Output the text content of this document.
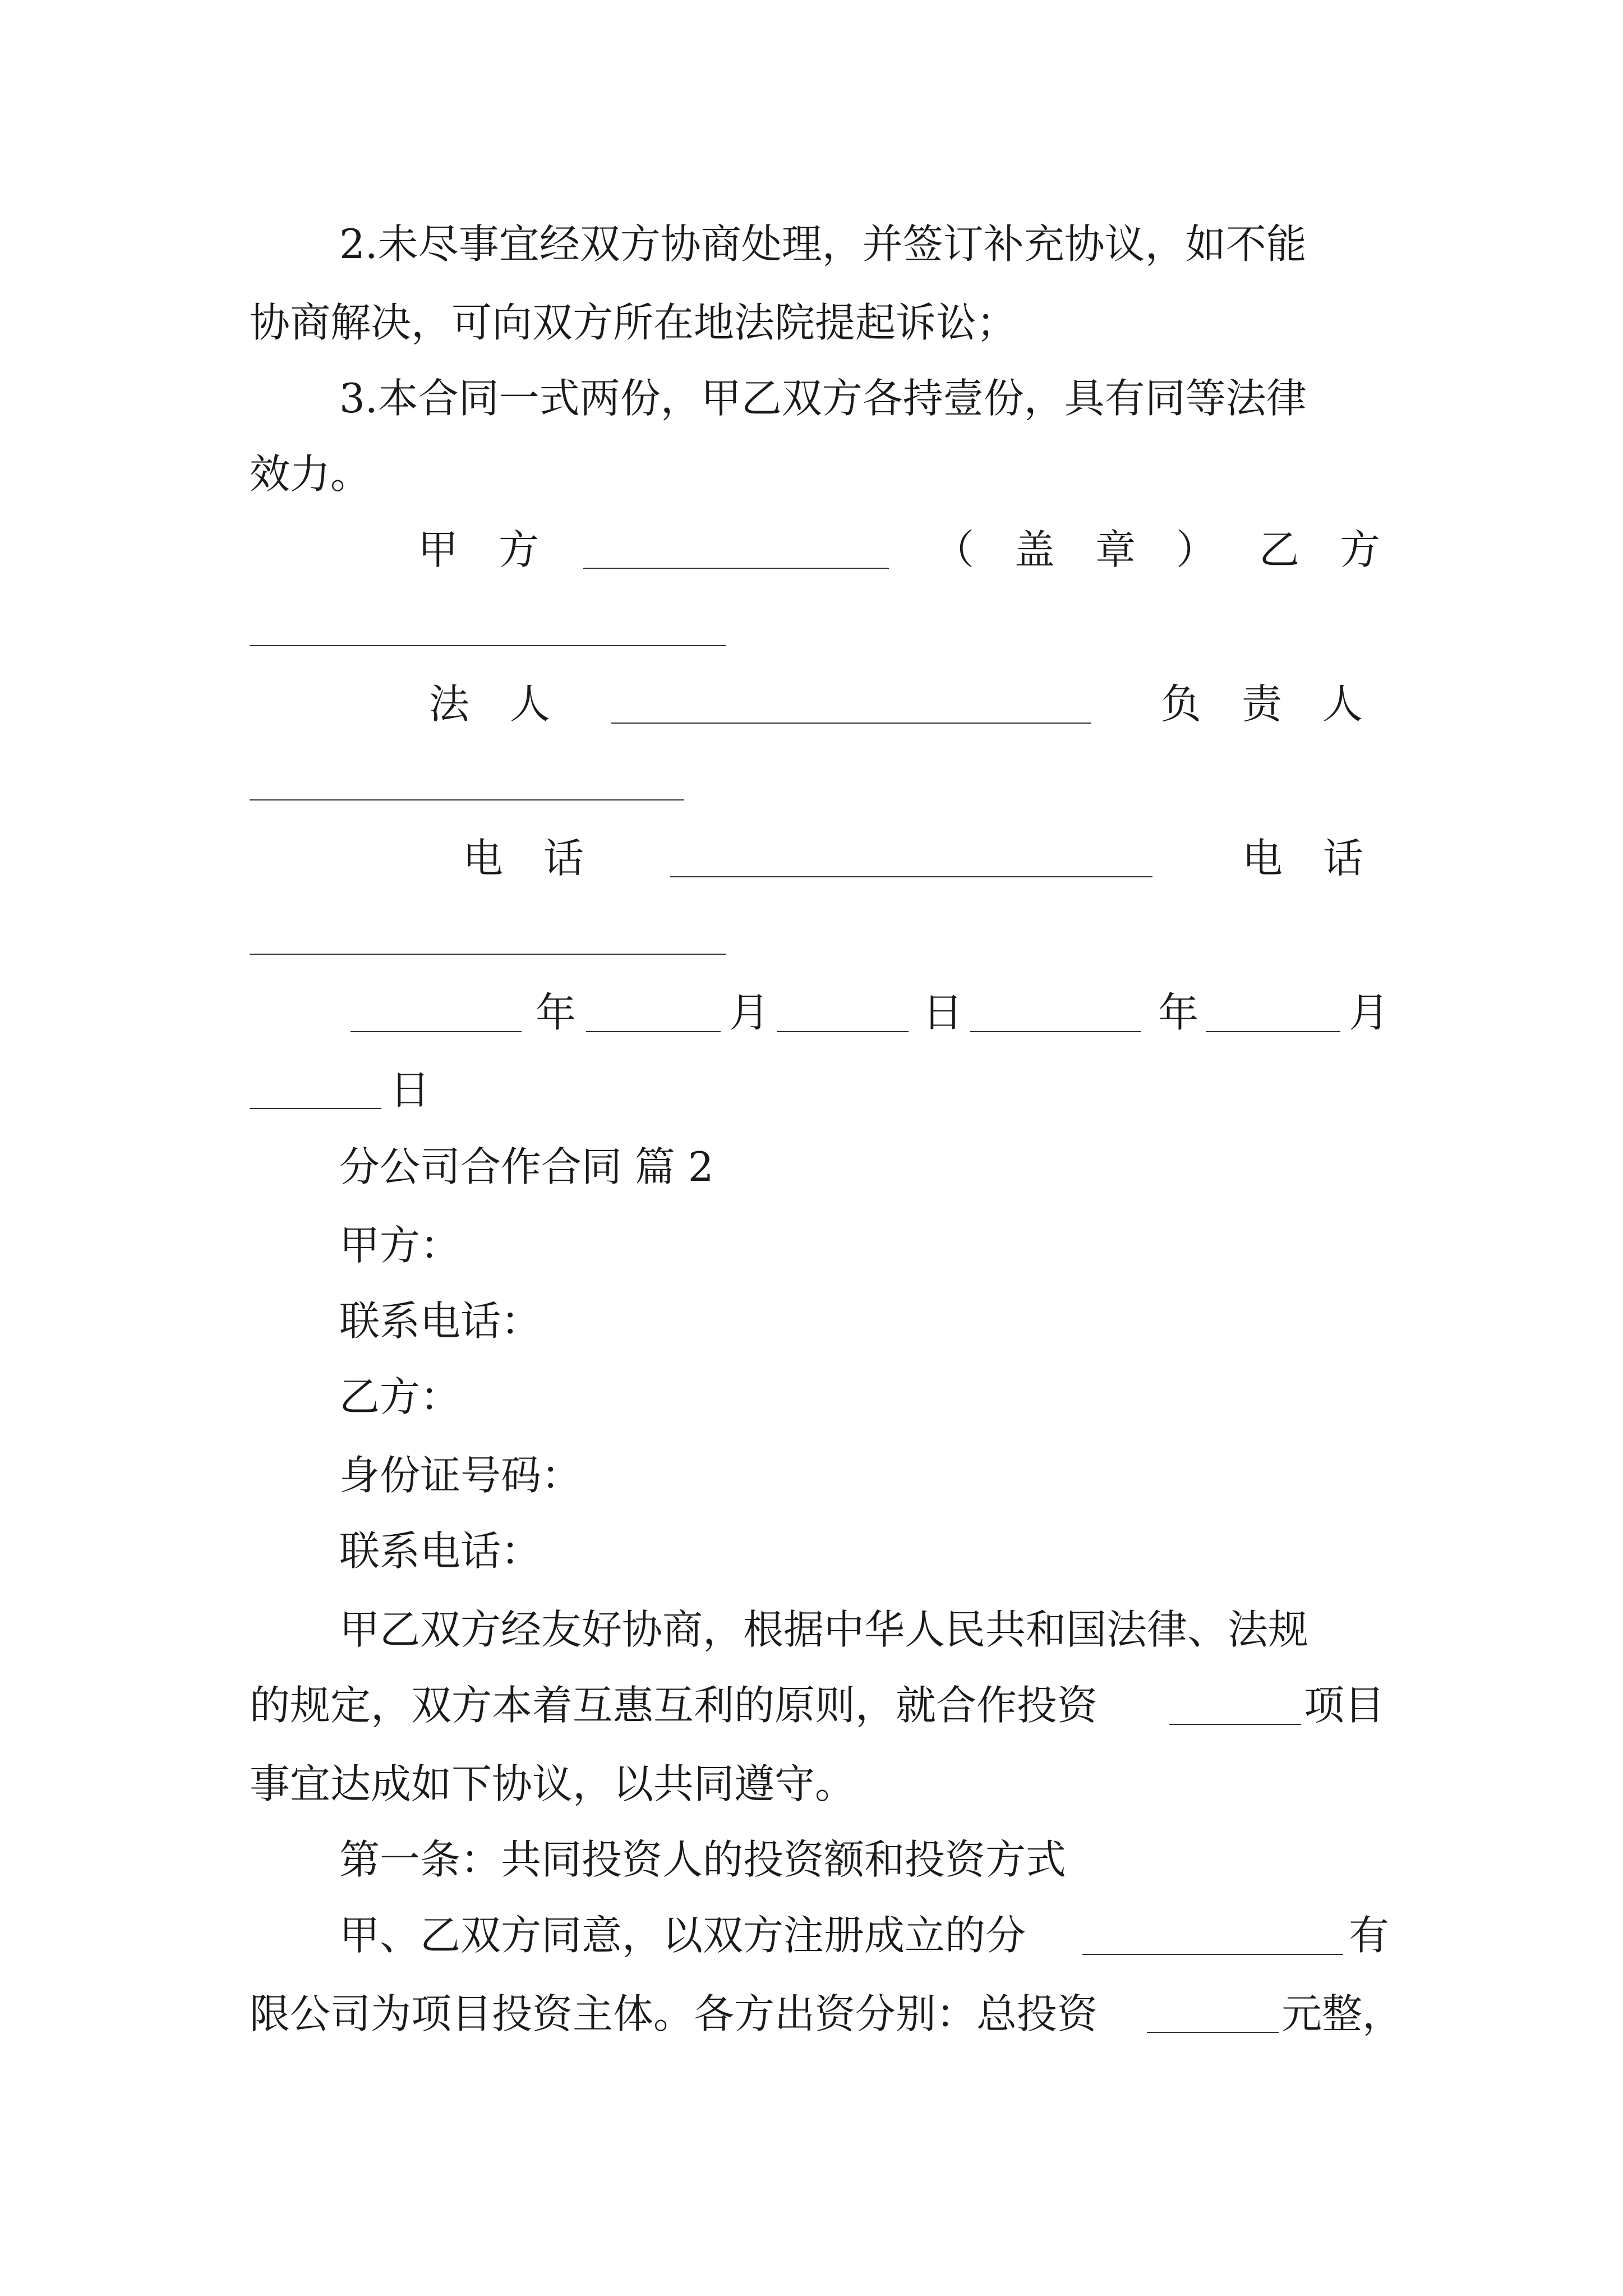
2.未尽事宜经双方协商处理，并签订补充协议，如不能
协商解决，可向双方所在地法院提起诉讼；
3.本合同一式两份，甲乙双方各持壹份，具有同等法律
效力。
甲　方	（　盖　章　） 乙　方
法　人	负　责　人
电　话	电　话
年	月	日	年	月
日
分公司合作合同 篇 2
甲方：
联系电话：
乙方：
身份证号码：
联系电话：
甲乙双方经友好协商，根据中华人民共和国法律、法规
的规定，双方本着互惠互利的原则，就合作投资	项目
事宜达成如下协议，以共同遵守。
第一条：共同投资人的投资额和投资方式
甲、乙双方同意，以双方注册成立的分	有
限公司为项目投资主体。各方出资分别：总投资	元整，
